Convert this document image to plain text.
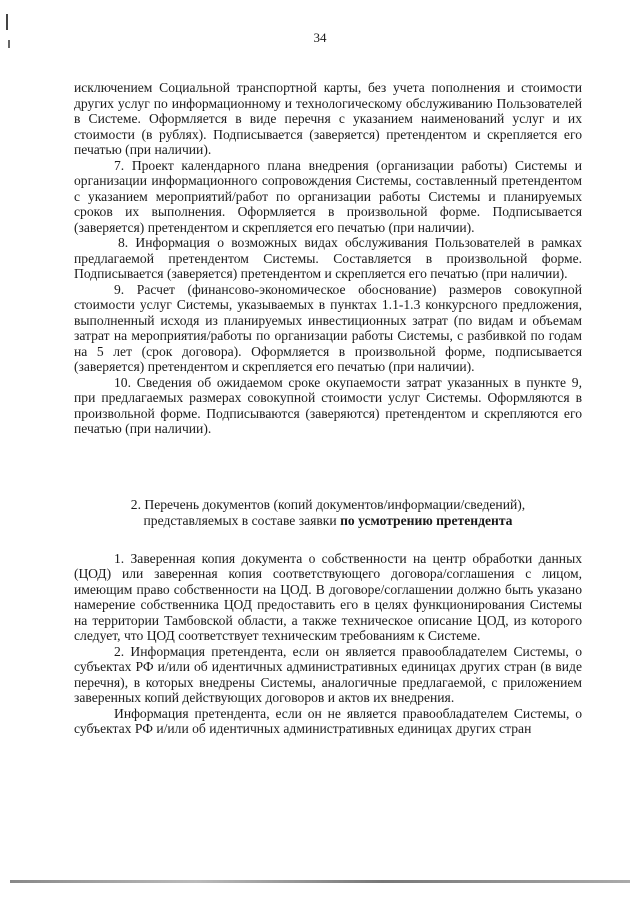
34

исключением Социальной транспортной карты, без учета пополнения и стоимости других услуг по информационному и технологическому обслуживанию Пользователей в Системе. Оформляется в виде перечня с указанием наименований услуг и их стоимости (в рублях). Подписывается (заверяется) претендентом и скрепляется его печатью (при наличии).

7. Проект календарного плана внедрения (организации работы) Системы и организации информационного сопровождения Системы, составленный претендентом с указанием мероприятий/работ по организации работы Системы и планируемых сроков их выполнения. Оформляется в произвольной форме. Подписывается (заверяется) претендентом и скрепляется его печатью (при наличии).

8. Информация о возможных видах обслуживания Пользователей в рамках предлагаемой претендентом Системы. Составляется в произвольной форме. Подписывается (заверяется) претендентом и скрепляется его печатью (при наличии).

9. Расчет (финансово-экономическое обоснование) размеров совокупной стоимости услуг Системы, указываемых в пунктах 1.1-1.3 конкурсного предложения, выполненный исходя из планируемых инвестиционных затрат (по видам и объемам затрат на мероприятия/работы по организации работы Системы, с разбивкой по годам на 5 лет (срок договора). Оформляется в произвольной форме, подписывается (заверяется) претендентом и скрепляется его печатью (при наличии).

10. Сведения об ожидаемом сроке окупаемости затрат указанных в пункте 9, при предлагаемых размерах совокупной стоимости услуг Системы. Оформляются в произвольной форме. Подписываются (заверяются) претендентом и скрепляются его печатью (при наличии).

2. Перечень документов (копий документов/информации/сведений),
представляемых в составе заявки по усмотрению претендента

1. Заверенная копия документа о собственности на центр обработки данных (ЦОД) или заверенная копия соответствующего договора/соглашения с лицом, имеющим право собственности на ЦОД. В договоре/соглашении должно быть указано намерение собственника ЦОД предоставить его в целях функционирования Системы на территории Тамбовской области, а также техническое описание ЦОД, из которого следует, что ЦОД соответствует техническим требованиям к Системе.

2. Информация претендента, если он является правообладателем Системы, о субъектах РФ и/или об идентичных административных единицах других стран (в виде перечня), в которых внедрены Системы, аналогичные предлагаемой, с приложением заверенных копий действующих договоров и актов их внедрения.

Информация претендента, если он не является правообладателем Системы, о субъектах РФ и/или об идентичных административных единицах других стран
